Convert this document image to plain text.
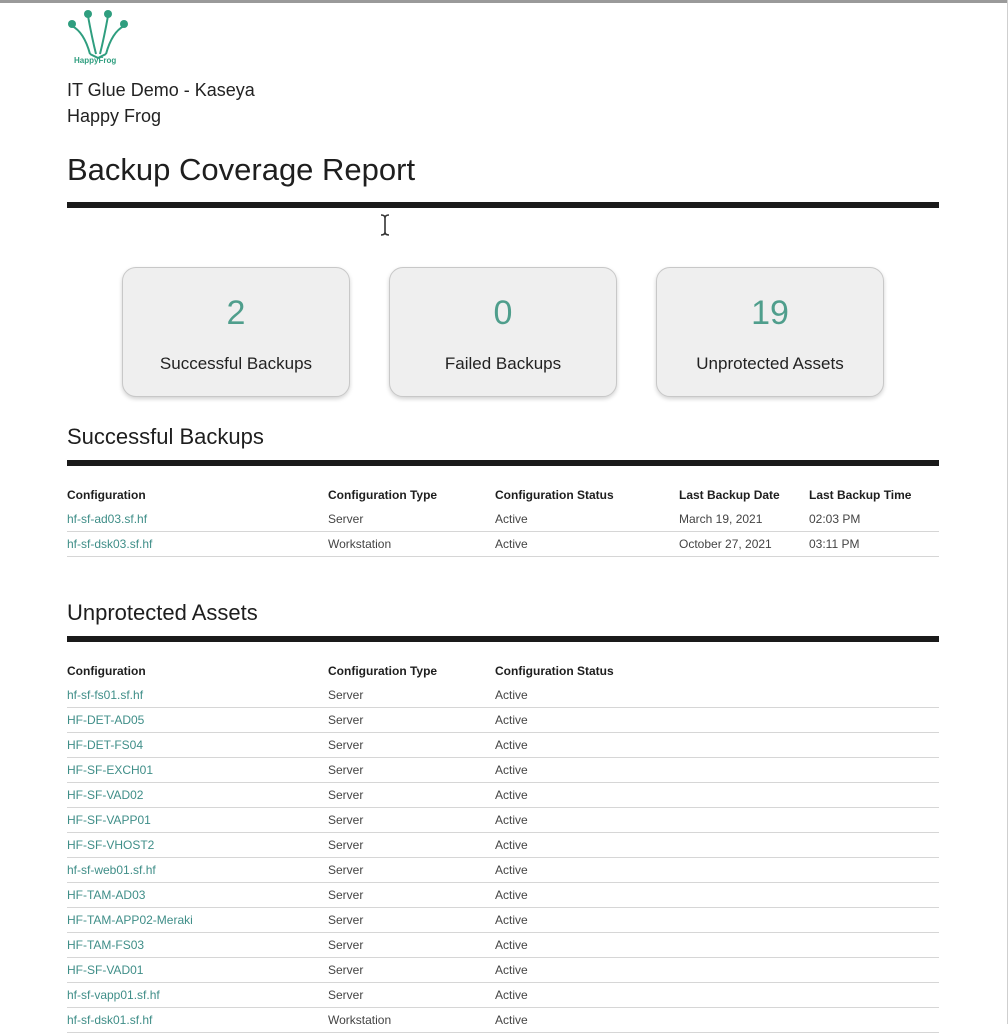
HappyFrog
IT Glue Demo - Kaseya
Happy Frog
Backup Coverage Report
2
Successful Backups
0
Failed Backups
19
Unprotected Assets
Successful Backups
Configuration	Configuration Type	Configuration Status	Last Backup Date	Last Backup Time
hf-sf-ad03.sf.hf	Server	Active	March 19, 2021	02:03 PM
hf-sf-dsk03.sf.hf	Workstation	Active	October 27, 2021	03:11 PM
Unprotected Assets
Configuration	Configuration Type	Configuration Status	
hf-sf-fs01.sf.hf	Server	Active	
HF-DET-AD05	Server	Active	
HF-DET-FS04	Server	Active	
HF-SF-EXCH01	Server	Active	
HF-SF-VAD02	Server	Active	
HF-SF-VAPP01	Server	Active	
HF-SF-VHOST2	Server	Active	
hf-sf-web01.sf.hf	Server	Active	
HF-TAM-AD03	Server	Active	
HF-TAM-APP02-Meraki	Server	Active	
HF-TAM-FS03	Server	Active	
HF-SF-VAD01	Server	Active	
hf-sf-vapp01.sf.hf	Server	Active	
hf-sf-dsk01.sf.hf	Workstation	Active	
